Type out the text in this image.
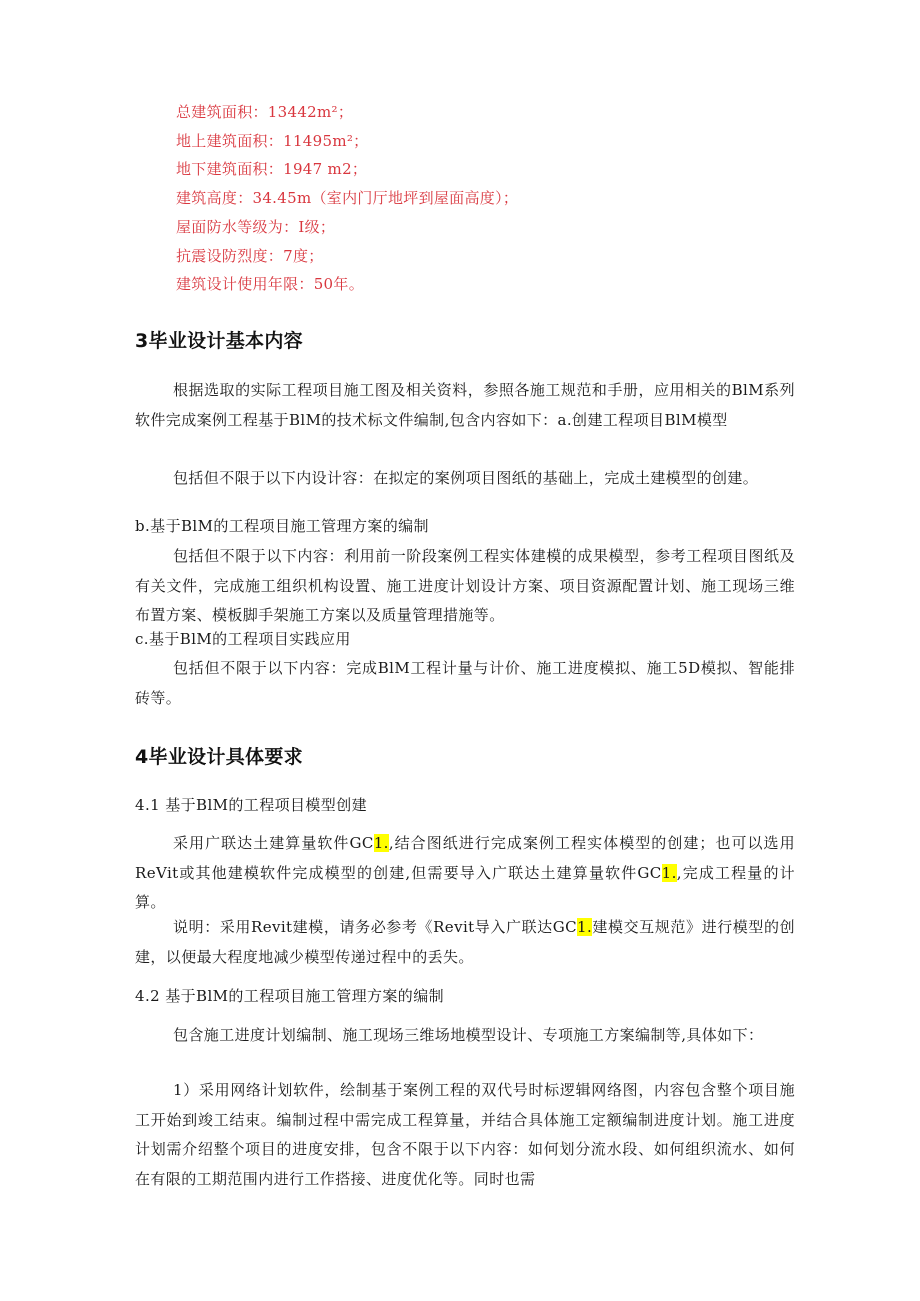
总建筑面积：13442m²；
地上建筑面积：11495m²；
地下建筑面积：1947 m2；
建筑高度：34.45m（室内门厅地坪到屋面高度）；
屋面防水等级为：I级；
抗震设防烈度：7度；
建筑设计使用年限：50年。
3毕业设计基本内容

根据选取的实际工程项目施工图及相关资料，参照各施工规范和手册，应用相关的BlM系列软件完成案例工程基于BlM的技术标文件编制,包含内容如下：a.创建工程项目BlM模型

包括但不限于以下内设计容：在拟定的案例项目图纸的基础上，完成土建模型的创建。

b.基于BlM的工程项目施工管理方案的编制

包括但不限于以下内容：利用前一阶段案例工程实体建模的成果模型，参考工程项目图纸及有关文件，完成施工组织机构设置、施工进度计划设计方案、项目资源配置计划、施工现场三维布置方案、模板脚手架施工方案以及质量管理措施等。

c.基于BlM的工程项目实践应用

包括但不限于以下内容：完成BlM工程计量与计价、施工进度模拟、施工5D模拟、智能排砖等。

4毕业设计具体要求
4.1 基于BlM的工程项目模型创建

采用广联达土建算量软件GC1.,结合图纸进行完成案例工程实体模型的创建；也可以选用ReVit或其他建模软件完成模型的创建,但需要导入广联达土建算量软件GC1.,完成工程量的计算。

说明：采用Revit建模，请务必参考《Revit导入广联达GC1.建模交互规范》进行模型的创建，以便最大程度地减少模型传递过程中的丢失。

4.2 基于BlM的工程项目施工管理方案的编制

包含施工进度计划编制、施工现场三维场地模型设计、专项施工方案编制等,具体如下：

1）采用网络计划软件，绘制基于案例工程的双代号时标逻辑网络图，内容包含整个项目施工开始到竣工结束。编制过程中需完成工程算量，并结合具体施工定额编制进度计划。施工进度计划需介绍整个项目的进度安排，包含不限于以下内容：如何划分流水段、如何组织流水、如何在有限的工期范围内进行工作搭接、进度优化等。同时也需
